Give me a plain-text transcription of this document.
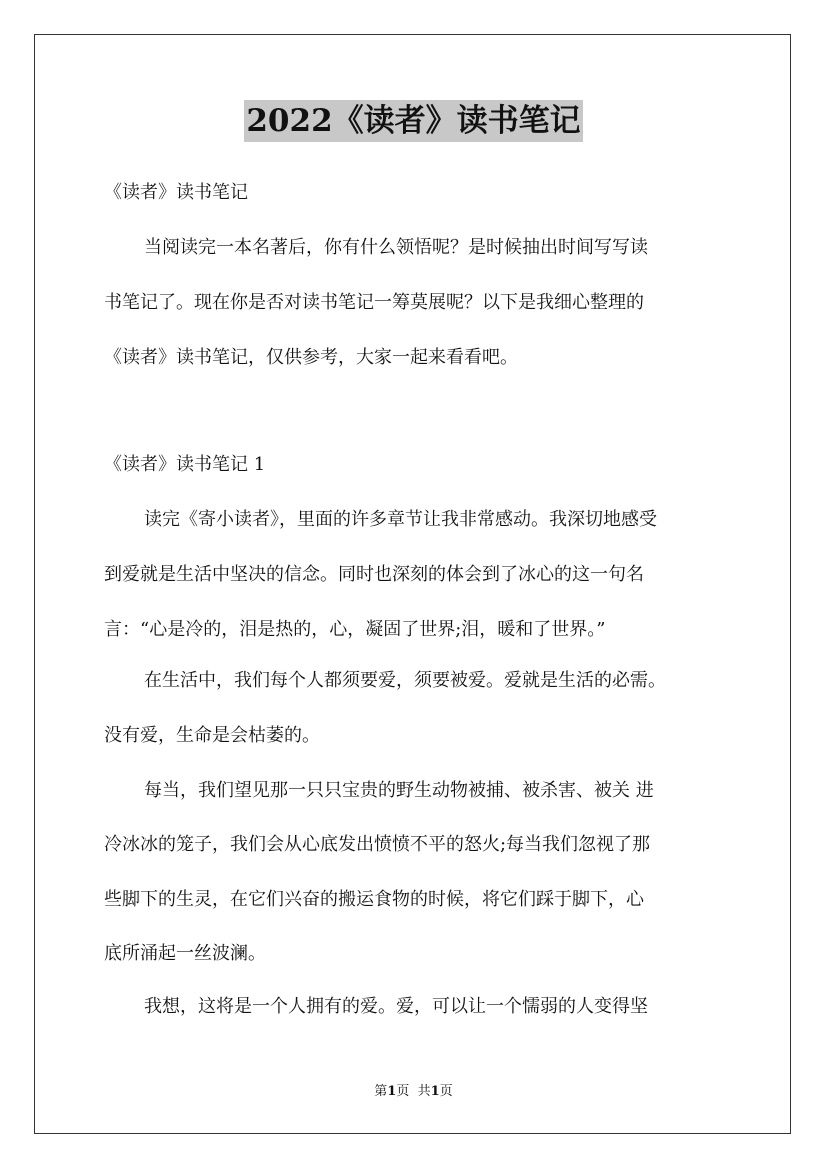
2022《读者》读书笔记
《读者》读书笔记
当阅读完一本名著后，你有什么领悟呢？是时候抽出时间写写读
书笔记了。现在你是否对读书笔记一筹莫展呢？以下是我细心整理的
《读者》读书笔记，仅供参考，大家一起来看看吧。
《读者》读书笔记 1
读完《寄小读者》，里面的许多章节让我非常感动。我深切地感受
到爱就是生活中坚决的信念。同时也深刻的体会到了冰心的这一句名
言：“心是冷的，泪是热的，心，凝固了世界;泪，暖和了世界。”
在生活中，我们每个人都须要爱，须要被爱。爱就是生活的必需。
没有爱，生命是会枯萎的。
每当，我们望见那一只只宝贵的野生动物被捕、被杀害、被关 进
冷冰冰的笼子，我们会从心底发出愤愤不平的怒火;每当我们忽视了那
些脚下的生灵，在它们兴奋的搬运食物的时候，将它们踩于脚下，心
底所涌起一丝波澜。
我想，这将是一个人拥有的爱。爱，可以让一个懦弱的人变得坚
第1页 共1页
